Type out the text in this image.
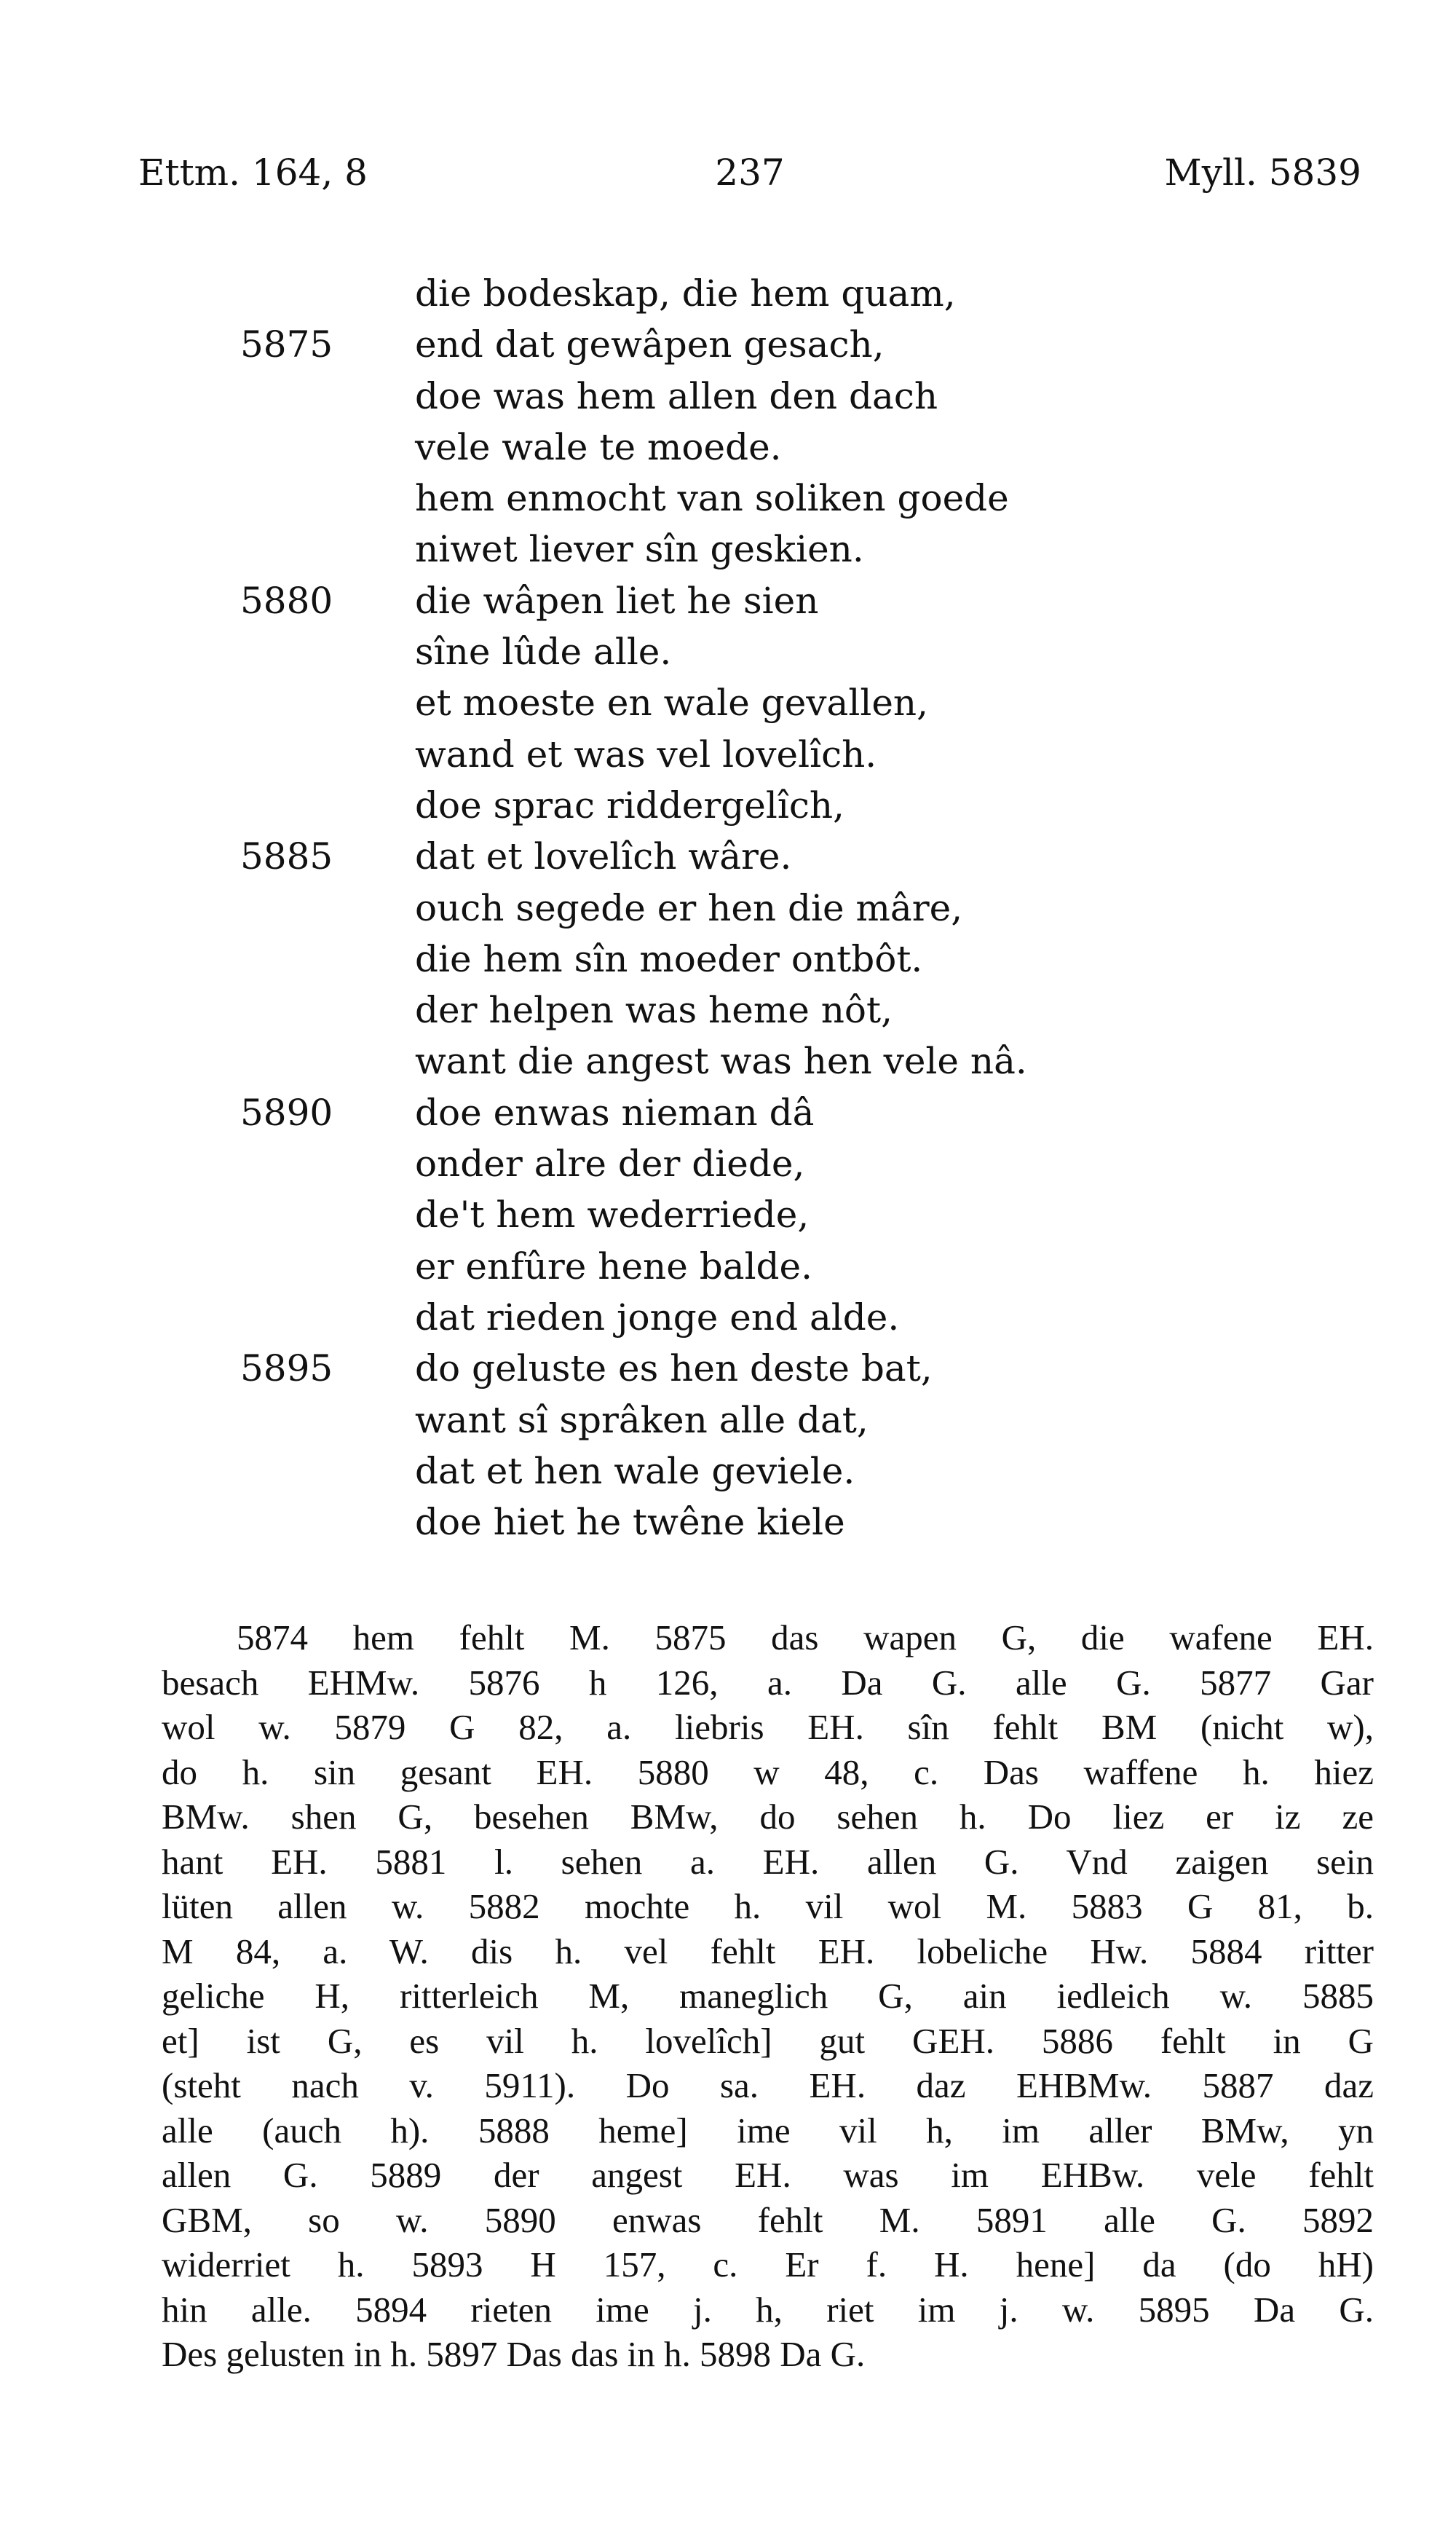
Ettm. 164, 8	237	Myll. 5839
die bodeskap, die hem quam,
5875	end dat gewâpen gesach,
doe was hem allen den dach
vele wale te moede.
hem enmocht van soliken goede
niwet liever sîn geskien.
5880	die wâpen liet he sien
sîne lûde alle.
et moeste en wale gevallen,
wand et was vel lovelîch.
doe sprac riddergelîch,
5885	dat et lovelîch wâre.
ouch segede er hen die mâre,
die hem sîn moeder ontbôt.
der helpen was heme nôt,
want die angest was hen vele nâ.
5890	doe enwas nieman dâ
onder alre der diede,
de't hem wederriede,
er enfûre hene balde.
dat rieden jonge end alde.
5895	do geluste es hen deste bat,
want sî sprâken alle dat,
dat et hen wale geviele.
doe hiet he twêne kiele
5874 hem fehlt M. 5875 das wapen G, die wafene EH.
besach EHMw. 5876 h 126, a. Da G. alle G. 5877 Gar
wol w. 5879 G 82, a. liebris EH. sîn fehlt BM (nicht w),
do h. sin gesant EH. 5880 w 48, c. Das waffene h. hiez
BMw. shen G, besehen BMw, do sehen h. Do liez er iz ze
hant EH. 5881 l. sehen a. EH. allen G. Vnd zaigen sein
lüten allen w. 5882 mochte h. vil wol M. 5883 G 81, b.
M 84, a. W. dis h. vel fehlt EH. lobeliche Hw. 5884 ritter
geliche H, ritterleich M, maneglich G, ain iedleich w. 5885
et] ist G, es vil h. lovelîch] gut GEH. 5886 fehlt in G
(steht nach v. 5911). Do sa. EH. daz EHBMw. 5887 daz
alle (auch h). 5888 heme] ime vil h, im aller BMw, yn
allen G. 5889 der angest EH. was im EHBw. vele fehlt
GBM, so w. 5890 enwas fehlt M. 5891 alle G. 5892
widerriet h. 5893 H 157, c. Er f. H. hene] da (do hH)
hin alle. 5894 rieten ime j. h, riet im j. w. 5895 Da G.
Des gelusten in h. 5897 Das das in h. 5898 Da G.
